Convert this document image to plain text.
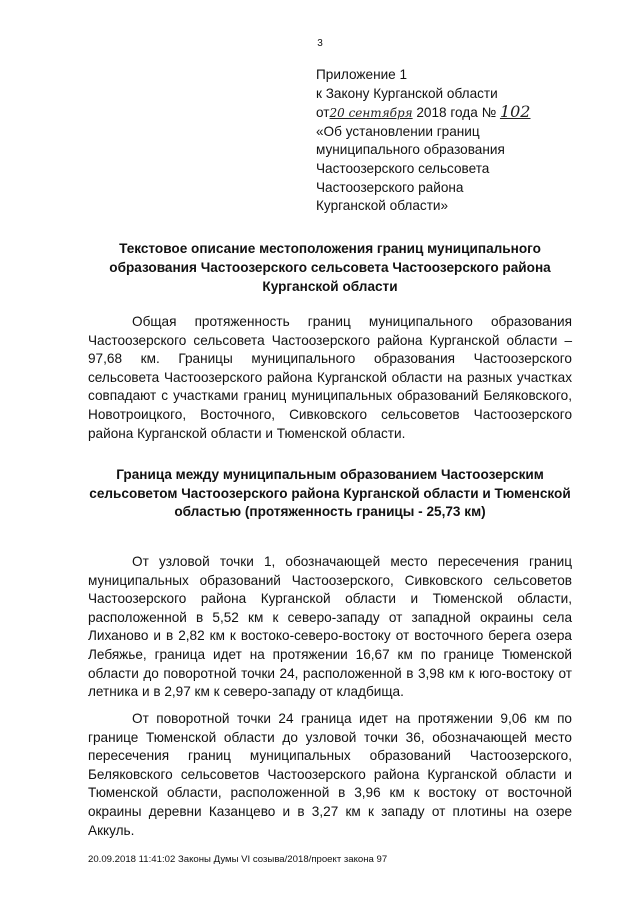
3
Приложение 1
к Закону Курганской области
от20 сентября 2018 года № 102
«Об установлении границ
муниципального образования
Частоозерского сельсовета
Частоозерского района
Курганской области»
Текстовое описание местоположения границ муниципального образования Частоозерского сельсовета Частоозерского района Курганской области
Общая протяженность границ муниципального образования Частоозерского сельсовета Частоозерского района Курганской области – 97,68 км. Границы муниципального образования Частоозерского сельсовета Частоозерского района Курганской области на разных участках совпадают с участками границ муниципальных образований Беляковского, Новотроицкого, Восточного, Сивковского сельсоветов Частоозерского района Курганской области и Тюменской области.
Граница между муниципальным образованием Частоозерским сельсоветом Частоозерского района Курганской области и Тюменской областью (протяженность границы - 25,73 км)
От узловой точки 1, обозначающей место пересечения границ муниципальных образований Частоозерского, Сивковского сельсоветов Частоозерского района Курганской области и Тюменской области, расположенной в 5,52 км к северо-западу от западной окраины села Лиханово и в 2,82 км к востоко-северо-востоку от восточного берега озера Лебяжье, граница идет на протяжении 16,67 км по границе Тюменской области до поворотной точки 24, расположенной в 3,98 км к юго-востоку от летника и в 2,97 км к северо-западу от кладбища.
От поворотной точки 24 граница идет на протяжении 9,06 км по границе Тюменской области до узловой точки 36, обозначающей место пересечения границ муниципальных образований Частоозерского, Беляковского сельсоветов Частоозерского района Курганской области и Тюменской области, расположенной в 3,96 км к востоку от восточной окраины деревни Казанцево и в 3,27 км к западу от плотины на озере Аккуль.
20.09.2018 11:41:02 Законы Думы VI созыва/2018/проект закона 97
